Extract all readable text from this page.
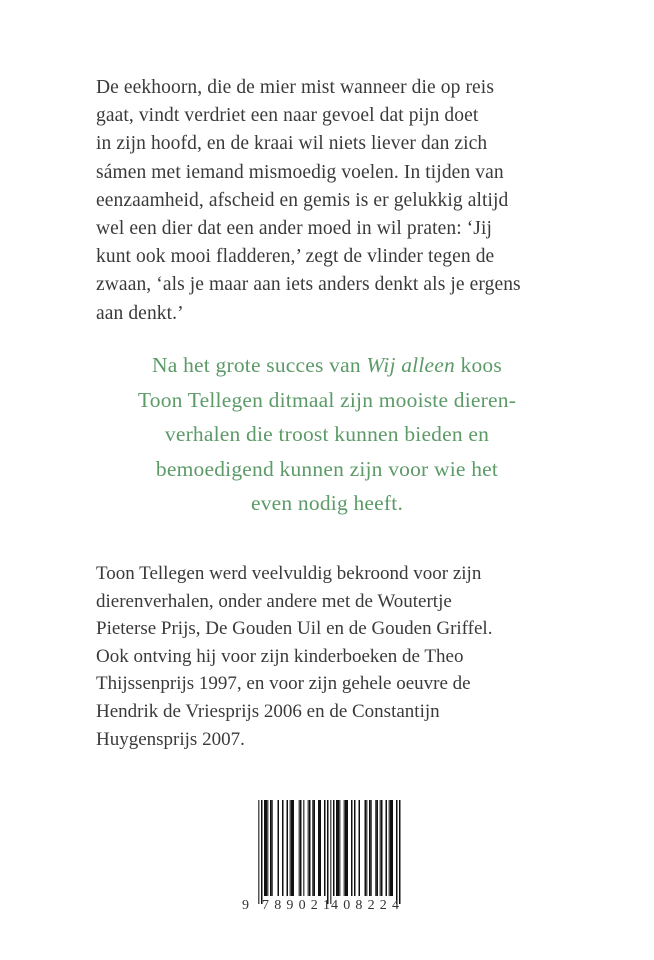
De eekhoorn, die de mier mist wanneer die op reis
gaat, vindt verdriet een naar gevoel dat pijn doet
in zijn hoofd, en de kraai wil niets liever dan zich
sámen met iemand mismoedig voelen. In tijden van
eenzaamheid, afscheid en gemis is er gelukkig altijd
wel een dier dat een ander moed in wil praten: ‘Jij
kunt ook mooi fladderen,’ zegt de vlinder tegen de
zwaan, ‘als je maar aan iets anders denkt als je ergens
aan denkt.’
Na het grote succes van Wij alleen koos
Toon Tellegen ditmaal zijn mooiste dieren-
verhalen die troost kunnen bieden en
bemoedigend kunnen zijn voor wie het
even nodig heeft.
Toon Tellegen werd veelvuldig bekroond voor zijn
dierenverhalen, onder andere met de Woutertje
Pieterse Prijs, De Gouden Uil en de Gouden Griffel.
Ook ontving hij voor zijn kinderboeken de Theo
Thijssenprijs 1997, en voor zijn gehele oeuvre de
Hendrik de Vriesprijs 2006 en de Constantijn
Huygensprijs 2007.
9 789021
408224
